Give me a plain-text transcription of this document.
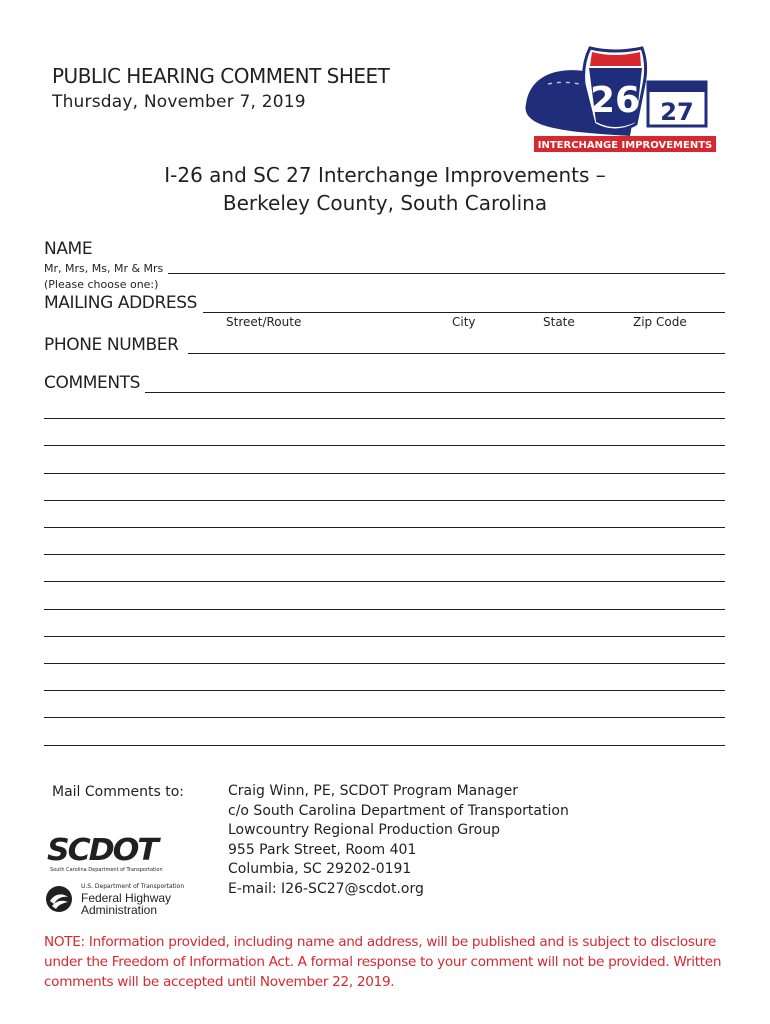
PUBLIC HEARING COMMENT SHEET
Thursday, November 7, 2019	26 27
INTERCHANGE IMPROVEMENTS
I-26 and SC 27 Interchange Improvements –
Berkeley County, South Carolina
NAME
Mr, Mrs, Ms, Mr & Mrs
(Please choose one:)
MAILING ADDRESS
Street/Route	City	State	Zip Code
PHONE NUMBER
COMMENTS
Mail Comments to:	Craig Winn, PE, SCDOT Program Manager
c/o South Carolina Department of Transportation
Lowcountry Regional Production Group
955 Park Street, Room 401
Columbia, SC 29202-0191
E-mail: I26-SC27@scdot.org
SCDOT
South Carolina Department of Transportation
U.S. Department of Transportation
Federal Highway
Administration
NOTE: Information provided, including name and address, will be published and is subject to disclosure under the Freedom of Information Act. A formal response to your comment will not be provided. Written comments will be accepted until November 22, 2019.
